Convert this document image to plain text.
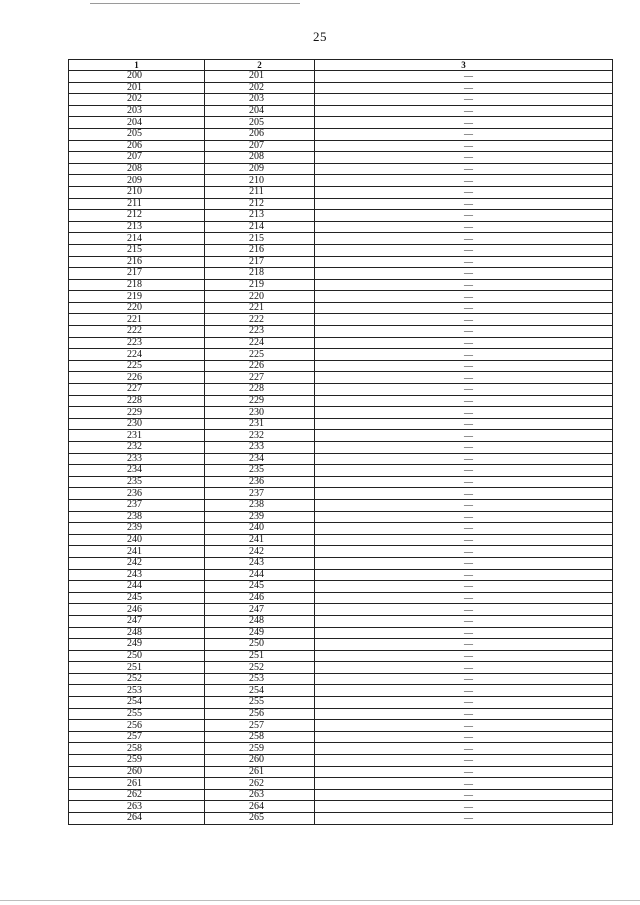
25
1	2	3
200	201	—
201	202	—
202	203	—
203	204	—
204	205	—
205	206	—
206	207	—
207	208	—
208	209	—
209	210	—
210	211	—
211	212	—
212	213	—
213	214	—
214	215	—
215	216	—
216	217	—
217	218	—
218	219	—
219	220	—
220	221	—
221	222	—
222	223	—
223	224	—
224	225	—
225	226	—
226	227	—
227	228	—
228	229	—
229	230	—
230	231	—
231	232	—
232	233	—
233	234	—
234	235	—
235	236	—
236	237	—
237	238	—
238	239	—
239	240	—
240	241	—
241	242	—
242	243	—
243	244	—
244	245	—
245	246	—
246	247	—
247	248	—
248	249	—
249	250	—
250	251	—
251	252	—
252	253	—
253	254	—
254	255	—
255	256	—
256	257	—
257	258	—
258	259	—
259	260	—
260	261	—
261	262	—
262	263	—
263	264	—
264	265	—
